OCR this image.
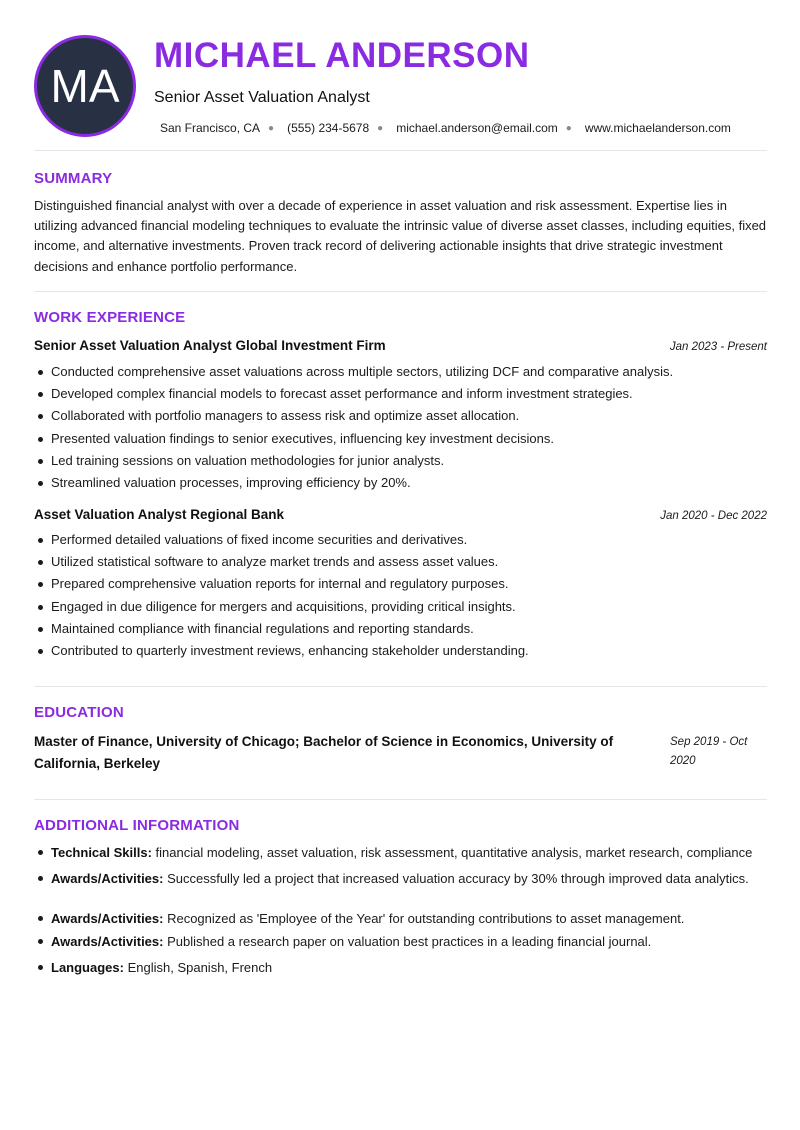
MA
MICHAEL ANDERSON
Senior Asset Valuation Analyst
San Francisco, CA ● (555) 234-5678 ● michael.anderson@email.com ● www.michaelanderson.com
SUMMARY

Distinguished financial analyst with over a decade of experience in asset valuation and risk assessment. Expertise lies in utilizing advanced financial modeling techniques to evaluate the intrinsic value of diverse asset classes, including equities, fixed income, and alternative investments. Proven track record of delivering actionable insights that drive strategic investment decisions and enhance portfolio performance.

WORK EXPERIENCE
Senior Asset Valuation Analyst Global Investment Firm	Jan 2023 - Present
Conducted comprehensive asset valuations across multiple sectors, utilizing DCF and comparative analysis.
Developed complex financial models to forecast asset performance and inform investment strategies.
Collaborated with portfolio managers to assess risk and optimize asset allocation.
Presented valuation findings to senior executives, influencing key investment decisions.
Led training sessions on valuation methodologies for junior analysts.
Streamlined valuation processes, improving efficiency by 20%.
Asset Valuation Analyst Regional Bank	Jan 2020 - Dec 2022
Performed detailed valuations of fixed income securities and derivatives.
Utilized statistical software to analyze market trends and assess asset values.
Prepared comprehensive valuation reports for internal and regulatory purposes.
Engaged in due diligence for mergers and acquisitions, providing critical insights.
Maintained compliance with financial regulations and reporting standards.
Contributed to quarterly investment reviews, enhancing stakeholder understanding.
EDUCATION
Master of Finance, University of Chicago; Bachelor of Science in Economics, University of California, Berkeley
Sep 2019 - Oct 2020
ADDITIONAL INFORMATION
Technical Skills: financial modeling, asset valuation, risk assessment, quantitative analysis, market research, compliance
Awards/Activities: Successfully led a project that increased valuation accuracy by 30% through improved data analytics.
Awards/Activities: Recognized as 'Employee of the Year' for outstanding contributions to asset management.
Awards/Activities: Published a research paper on valuation best practices in a leading financial journal.
Languages: English, Spanish, French
